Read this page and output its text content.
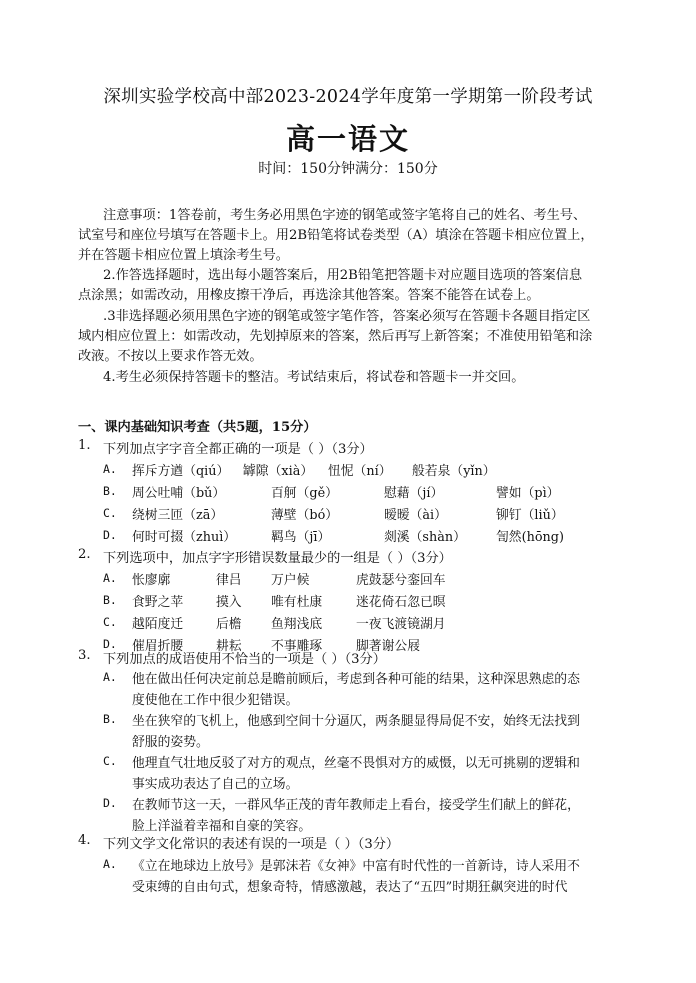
深圳实验学校高中部2023-2024学年度第一学期第一阶段考试
高一语文
时间：150分钟满分：150分
注意事项：1答卷前，考生务必用黑色字迹的钢笔或签字笔将自己的姓名、考生号、
试室号和座位号填写在答题卡上。用2B铅笔将试卷类型（A）填涂在答题卡相应位置上，
并在答题卡相应位置上填涂考生号。
2.作答选择题时，选出每小题答案后，用2B铅笔把答题卡对应题目选项的答案信息
点涂黑；如需改动，用橡皮擦干净后，再选涂其他答案。答案不能答在试卷上。
.3非选择题必须用黑色字迹的钢笔或签字笔作答，答案必须写在答题卡各题目指定区
域内相应位置上：如需改动，先划掉原来的答案，然后再写上新答案；不准使用铅笔和涂
改液。不按以上要求作答无效。
4.考生必须保持答题卡的整洁。考试结束后，将试卷和答题卡一并交回。
一、课内基础知识考查（共5题，15分）
1. 下列加点字字音全都正确的一项是（ ）（3分）
A. 挥斥方遒（qiú） 罅隙（xià） 忸怩（ní） 般若泉（yǐn）
B. 周公吐哺（bǔ）	百舸（gě）	慰藉（jí）	譬如（pì）
C. 绕树三匝（zā）	薄壁（bó）	暧暧（ài）	铆钉（liǔ）
D. 何时可掇（zhuì）	羁鸟（jī）	剡溪（shàn） 訇然(hōng)
2. 下列选项中，加点字字形错误数量最少的一组是（ ）（3分）
A. 怅廖廓	律吕 万户候	虎鼓瑟兮銮回车
B. 食野之苹	摸入 唯有杜康	迷花倚石忽已暝
C. 越陌度迁	后檐 鱼翔浅底	一夜飞渡镜湖月
D. 催眉折腰	耕耘 不事雕琢	脚著谢公屐
3. 下列加点的成语使用不恰当的一项是（ ）（3分）
A. 他在做出任何决定前总是瞻前顾后，考虑到各种可能的结果，这种深思熟虑的态
度使他在工作中很少犯错误。
B. 坐在狭窄的飞机上，他感到空间十分逼仄，两条腿显得局促不安，始终无法找到
舒服的姿势。
C. 他理直气壮地反驳了对方的观点，丝毫不畏惧对方的威慑，以无可挑剔的逻辑和
事实成功表达了自己的立场。
D. 在教师节这一天，一群风华正茂的青年教师走上看台，接受学生们献上的鲜花，
脸上洋溢着幸福和自豪的笑容。
4. 下列文学文化常识的表述有误的一项是（ ）（3分）
A. 《立在地球边上放号》是郭沫若《女神》中富有时代性的一首新诗，诗人采用不
受束缚的自由句式，想象奇特，情感激越，表达了“五四”时期狂飙突进的时代
